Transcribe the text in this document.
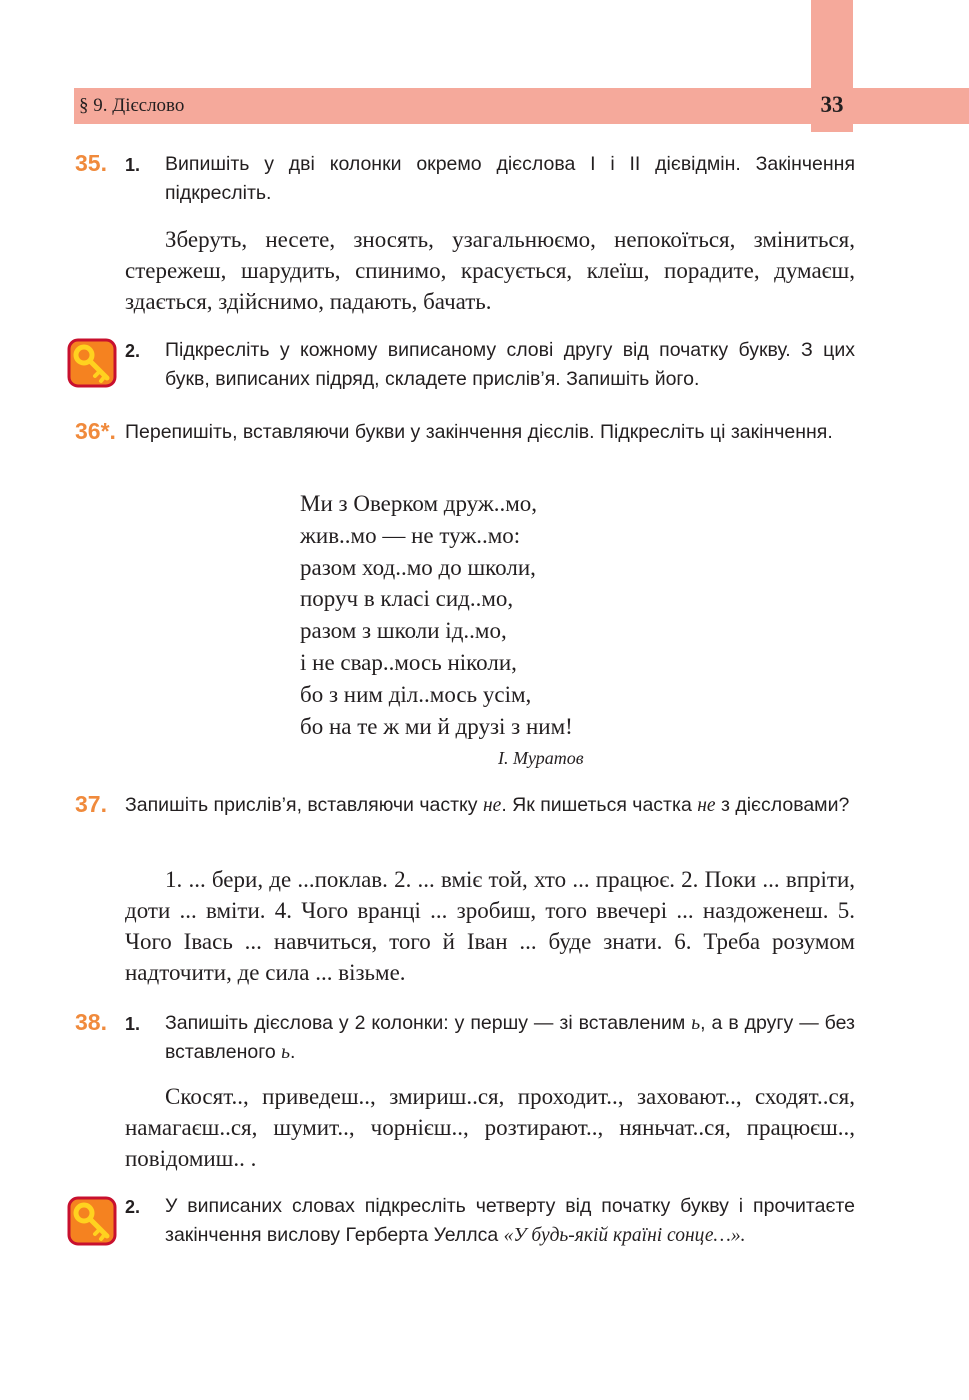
§ 9. Дієслово	33
35. 1. Випишіть у дві колонки окремо дієслова І і ІІ дієвідмін. Закінчення підкресліть.
Зберуть, несете, зносять, узагальнюємо, непокоїться, зміниться, стережеш, шарудить, спинимо, красується, клеїш, порадите, думаєш, здається, здійснимо, падають, бачать.
2. Підкресліть у кожному виписаному слові другу від початку букву. З цих букв, виписаних підряд, складете прислів’я. Запишіть його.
36*. Перепишіть, вставляючи букви у закінчення дієслів. Підкресліть ці закінчення.
Ми з Оверком друж..мо,
жив..мо — не туж..мо:
разом ход..мо до школи,
поруч в класі сид..мо,
разом з школи ід..мо,
і не свар..мось ніколи,
бо з ним діл..мось усім,
бо на те ж ми й друзі з ним!
І. Муратов
37. Запишіть прислів’я, вставляючи частку не. Як пишеться частка не з дієсловами?
1. ... бери, де ...поклав. 2. ... вміє той, хто ... працює. 2. Поки ... впріти, доти ... вміти. 4. Чого вранці ... зробиш, того ввечері ... наздоженеш. 5. Чого Івась ... навчиться, того й Іван ... буде знати. 6. Треба розумом надточити, де сила ... візьме.
38. 1. Запишіть дієслова у 2 колонки: у першу — зі вставленим ь, а в другу — без вставленого ь.
Скосят.., приведеш.., змириш..ся, проходит.., заховают.., сходят..ся, намагаєш..ся, шумит.., чорнієш.., розтирают.., няньчат..ся, працюєш.., повідомиш.. .
2. У виписаних словах підкресліть четверту від початку букву і прочитаєте закінчення вислову Герберта Уеллса «У будь-якій країні сонце…».
